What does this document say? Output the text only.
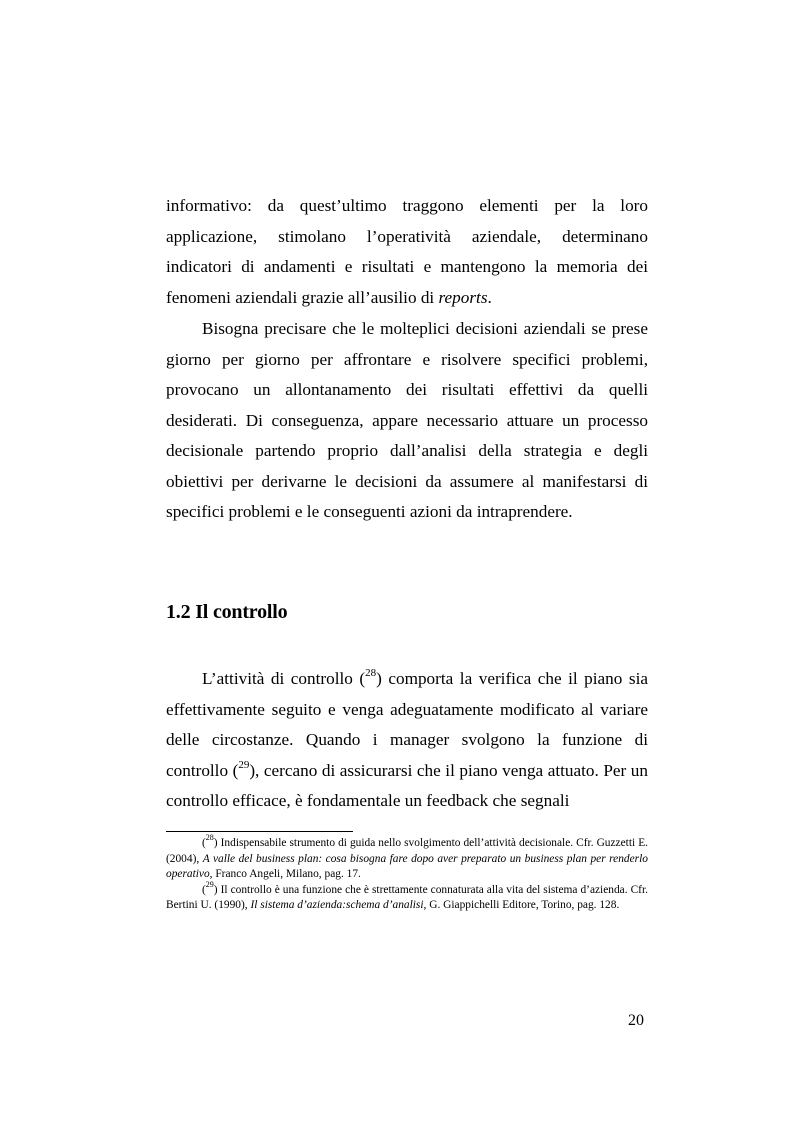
informativo: da quest’ultimo traggono elementi per la loro applicazione, stimolano l’operatività aziendale, determinano indicatori di andamenti e risultati e mantengono la memoria dei fenomeni aziendali grazie all’ausilio di reports.
Bisogna precisare che le molteplici decisioni aziendali se prese giorno per giorno per affrontare e risolvere specifici problemi, provocano un allontanamento dei risultati effettivi da quelli desiderati. Di conseguenza, appare necessario attuare un processo decisionale partendo proprio dall’analisi della strategia e degli obiettivi per derivarne le decisioni da assumere al manifestarsi di specifici problemi e le conseguenti azioni da intraprendere.
1.2 Il controllo
L’attività di controllo ($^{28}$) comporta la verifica che il piano sia effettivamente seguito e venga adeguatamente modificato al variare delle circostanze. Quando i manager svolgono la funzione di controllo ($^{29}$), cercano di assicurarsi che il piano venga attuato. Per un controllo efficace, è fondamentale un feedback che segnali

($^{28}$) Indispensabile strumento di guida nello svolgimento dell’attività decisionale. Cfr. Guzzetti E. (2004), A valle del business plan: cosa bisogna fare dopo aver preparato un business plan per renderlo operativo, Franco Angeli, Milano, pag. 17.

($^{29}$) Il controllo è una funzione che è strettamente connaturata alla vita del sistema d’azienda. Cfr. Bertini U. (1990), Il sistema d’azienda:schema d’analisi, G. Giappichelli Editore, Torino, pag. 128.

20
